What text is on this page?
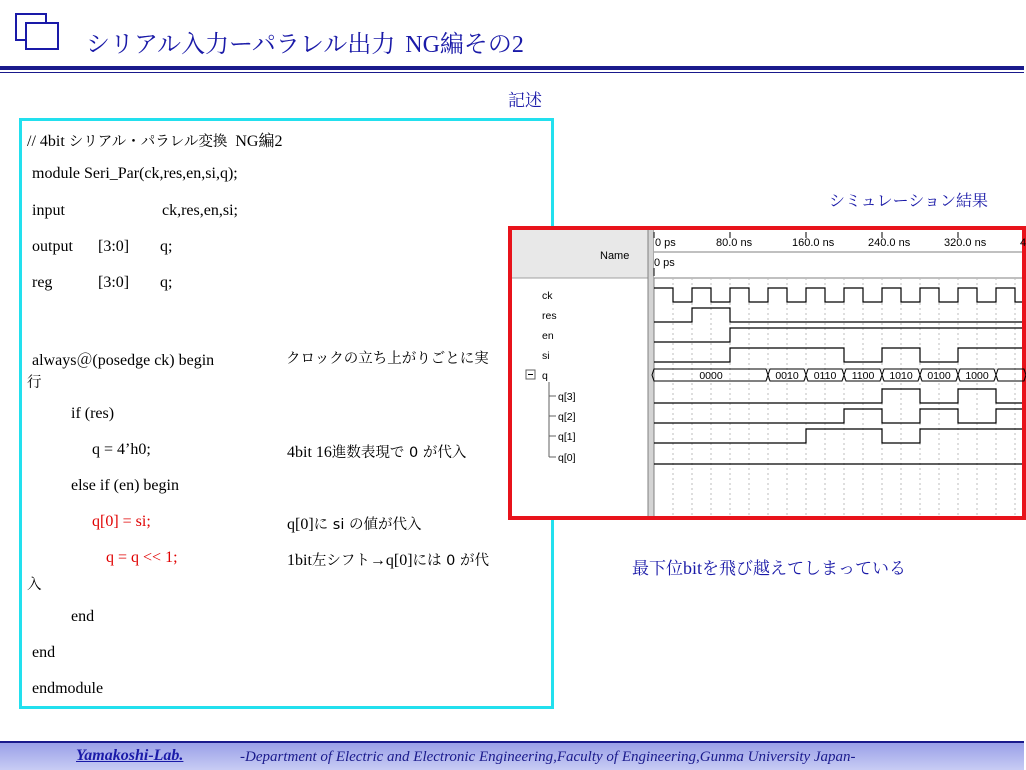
シリアル入力ーパラレル出力 NG編その2
記述
// 4bit シリアル・パラレル変換 NG編2
module Seri_Par(ck,res,en,si,q);
input	ck,res,en,si;
output [3:0] q;
reg	[3:0] q;
always＠(posedge ck) begin	クロックの立ち上がりごとに実
行
if (res)
q = 4’h0;	4bit 16進数表現で 0 が代入
else if (en) begin
q[0] = si;	q[0]に si の値が代入
q = q << 1;	1bit左シフト→q[0]には 0 が代
入
end
end
endmodule
シミュレーション結果
Name
0 ps	80.0 ns	160.0 ns	240.0 ns	320.0 ns	4
0 ps
ck
res
en
si
q
q[3]
q[2]
q[1]
q[0]
0000	0010 0110 1100 1010 0100 1000
最下位bitを飛び越えてしまっている
Yamakoshi-Lab.	-Department of Electric and Electronic Engineering,Faculty of Engineering,Gunma University Japan-
